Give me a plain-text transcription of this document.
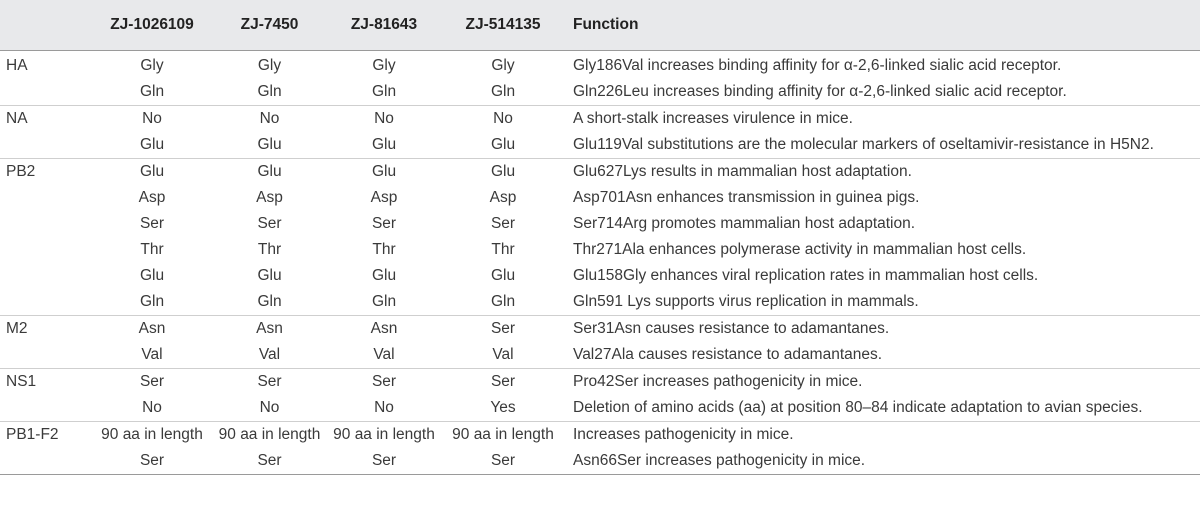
	ZJ-1026109	ZJ-7450	ZJ-81643	ZJ-514135	Function
HA	Gly	Gly	Gly	Gly	Gly186Val increases binding affinity for α-2,6-linked sialic acid receptor.
	Gln	Gln	Gln	Gln	Gln226Leu increases binding affinity for α-2,6-linked sialic acid receptor.
NA	No	No	No	No	A short-stalk increases virulence in mice.
	Glu	Glu	Glu	Glu	Glu119Val substitutions are the molecular markers of oseltamivir-resistance in H5N2.
PB2	Glu	Glu	Glu	Glu	Glu627Lys results in mammalian host adaptation.
	Asp	Asp	Asp	Asp	Asp701Asn enhances transmission in guinea pigs.
	Ser	Ser	Ser	Ser	Ser714Arg promotes mammalian host adaptation.
	Thr	Thr	Thr	Thr	Thr271Ala enhances polymerase activity in mammalian host cells.
	Glu	Glu	Glu	Glu	Glu158Gly enhances viral replication rates in mammalian host cells.
	Gln	Gln	Gln	Gln	Gln591 Lys supports virus replication in mammals.
M2	Asn	Asn	Asn	Ser	Ser31Asn causes resistance to adamantanes.
	Val	Val	Val	Val	Val27Ala causes resistance to adamantanes.
NS1	Ser	Ser	Ser	Ser	Pro42Ser increases pathogenicity in mice.
	No	No	No	Yes	Deletion of amino acids (aa) at position 80–84 indicate adaptation to avian species.
PB1-F2	90 aa in length	90 aa in length	90 aa in length	90 aa in length	Increases pathogenicity in mice.
	Ser	Ser	Ser	Ser	Asn66Ser increases pathogenicity in mice.
